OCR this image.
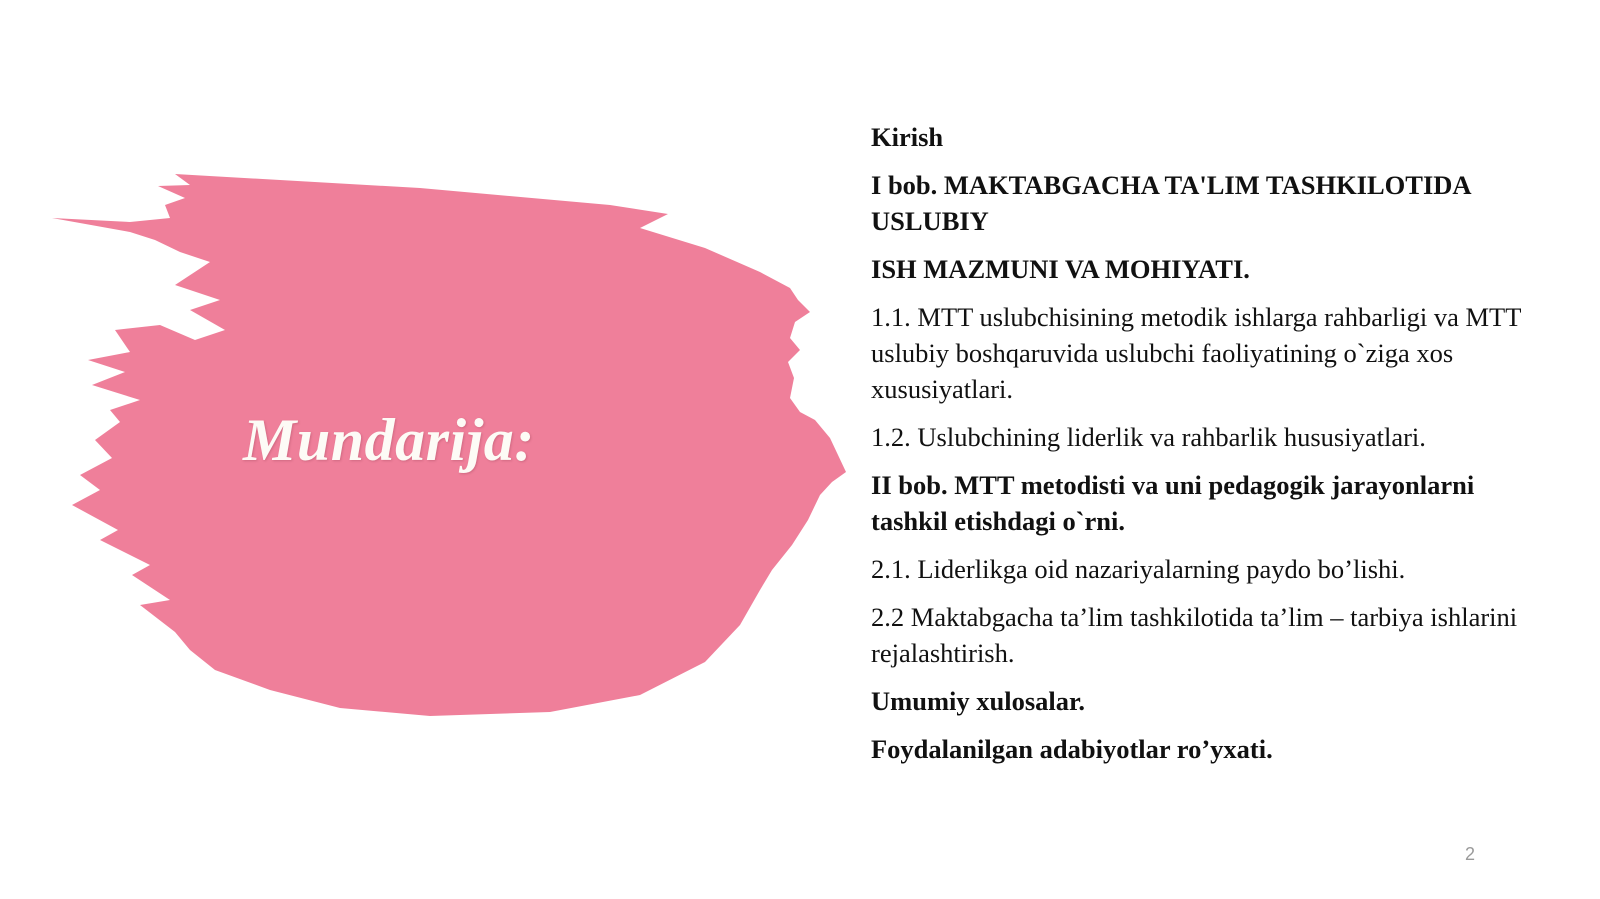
Mundarija:
Kirish
I bob. MAKTABGACHA TA'LIM TASHKILOTIDA USLUBIY
ISH MAZMUNI VA MOHIYATI.
1.1. MTT uslubchisining metodik ishlarga rahbarligi va MTT uslubiy boshqaruvida uslubchi faoliyatining o`ziga xos xususiyatlari.
1.2. Uslubchining liderlik va rahbarlik hususiyatlari.
II bob. MTT metodisti va uni pedagogik jarayonlarni tashkil etishdagi o`rni.
2.1. Liderlikga oid nazariyalarning paydo bo’lishi.
2.2 Maktabgacha ta’lim tashkilotida ta’lim – tarbiya ishlarini rejalashtirish.
Umumiy xulosalar.
Foydalanilgan adabiyotlar ro’yxati.
2
